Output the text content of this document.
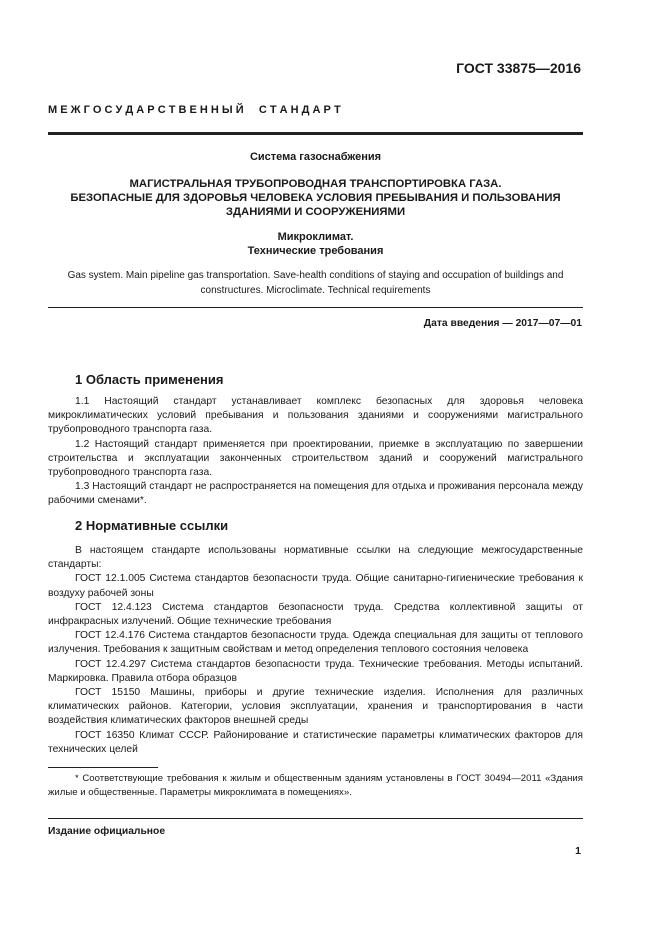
ГОСТ 33875—2016
М Е Ж Г О С У Д А Р С Т В Е Н Н Ы Й     С Т А Н Д А Р Т
Система газоснабжения
МАГИСТРАЛЬНАЯ ТРУБОПРОВОДНАЯ ТРАНСПОРТИРОВКА ГАЗА.
БЕЗОПАСНЫЕ ДЛЯ ЗДОРОВЬЯ ЧЕЛОВЕКА УСЛОВИЯ ПРЕБЫВАНИЯ И ПОЛЬЗОВАНИЯ
ЗДАНИЯМИ И СООРУЖЕНИЯМИ
Микроклимат.
Технические требования
Gas system. Main pipeline gas transportation. Save-health conditions of staying and occupation of buildings and
constructures. Microclimate. Technical requirements
Дата введения — 2017—07—01
1 Область применения

1.1 Настоящий стандарт устанавливает комплекс безопасных для здоровья человека микроклиматических условий пребывания и пользования зданиями и сооружениями магистрального трубопроводного транспорта газа.

1.2 Настоящий стандарт применяется при проектировании, приемке в эксплуатацию по завершении строительства и эксплуатации законченных строительством зданий и сооружений магистрального трубопроводного транспорта газа.

1.3 Настоящий стандарт не распространяется на помещения для отдыха и проживания персонала между рабочими сменами*.

2 Нормативные ссылки

В настоящем стандарте использованы нормативные ссылки на следующие межгосударственные стандарты:

ГОСТ 12.1.005 Система стандартов безопасности труда. Общие санитарно-гигиенические требования к воздуху рабочей зоны

ГОСТ 12.4.123 Система стандартов безопасности труда. Средства коллективной защиты от инфракрасных излучений. Общие технические требования

ГОСТ 12.4.176 Система стандартов безопасности труда. Одежда специальная для защиты от теплового излучения. Требования к защитным свойствам и метод определения теплового состояния человека

ГОСТ 12.4.297 Система стандартов безопасности труда. Технические требования. Методы испытаний. Маркировка. Правила отбора образцов

ГОСТ 15150 Машины, приборы и другие технические изделия. Исполнения для различных климатических районов. Категории, условия эксплуатации, хранения и транспортирования в части воздействия климатических факторов внешней среды

ГОСТ 16350 Климат СССР. Районирование и статистические параметры климатических факторов для технических целей

* Соответствующие требования к жилым и общественным зданиям установлены в ГОСТ 30494—2011 «Здания жилые и общественные. Параметры микроклимата в помещениях».

Издание официальное
1
